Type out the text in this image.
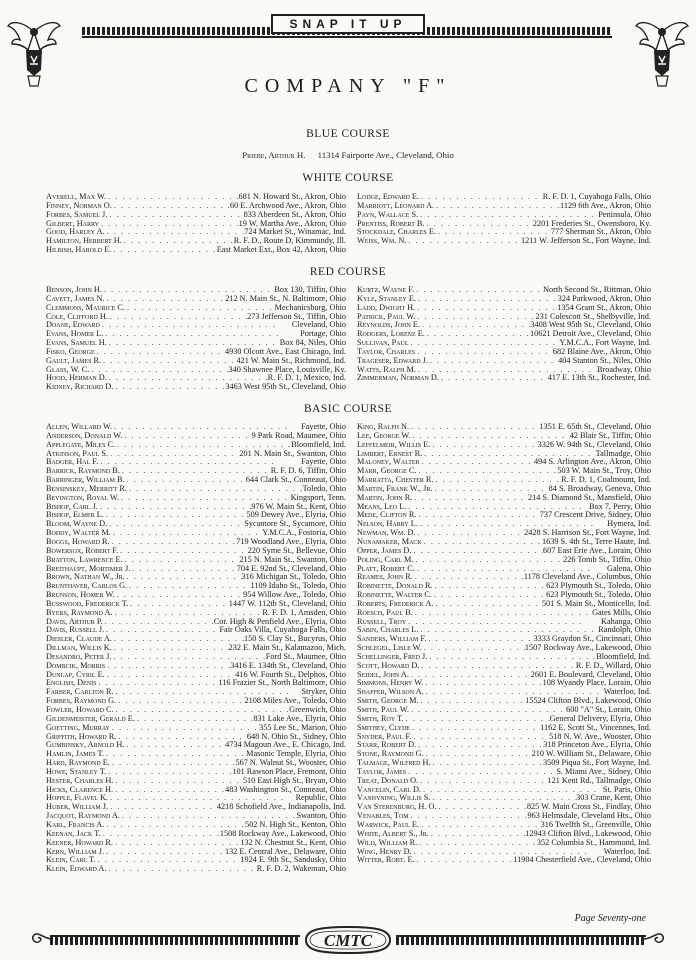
SNAP IT UP
COMPANY "F"
BLUE COURSE
Priebe, Arthur H. 11314 Fairporte Ave., Cleveland, Ohio
WHITE COURSE
Averell, Max W. . .	681 N. Howard St., Akron, Ohio
Finney, Norman O. . .	60 E. Archwood Ave., Akron, Ohio
Forbes, Samuel J. . .	833 Aberdeen St., Akron, Ohio
Gilbert, Harry . .	19 W. Martha Ave., Akron, Ohio
Good, Harley A. . .	724 Market St., Winamac, Ind.
Hamilton, Herbert H. . .	R. F. D., Route D, Kimmundy, Ill.
Hilbish, Harold E. . .	East Market Ext., Box 42, Akron, Ohio
Lodge, Edward E. . .	R. F. D. 1, Cuyahoga Falls, Ohio
Marriott, Leonard A. . .	1129 6th Ave., Akron, Ohio
Payn, Wallace S. . .	Peninsula, Ohio
Prentiss, Robert B. . .	2201 Frederies St., Owensboro, Ky.
Stockdale, Charles E. . .	777 Sherman St., Akron, Ohio
Weiss, Wm. N. . .	1211 W. Jefferson St., Fort Wayne, Ind.
RED COURSE
Benson, John H. . .	Box 130, Tiffin, Ohio
Cavett, James N. . .	212 N. Main St., N. Baltimore, Ohio
Clemmons, Maurice C. . .	Mechanicsburg, Ohio
Cole, Clifford H. . .	273 Jefferson St., Tiffin, Ohio
Doane, Edward . .	Cleveland, Ohio
Evans, Homer L. . .	Portage, Ohio
Evans, Samuel H. . .	Box 84, Niles, Ohio
Fisko, George . .	4930 Olcott Ave., East Chicago, Ind.
Gault, James R. . .	421 W. Main St., Richmond, Ind.
Glass, W. C. . .	340 Shawnee Place, Louisville, Ky.
Hood, Herman D. . .	R. F. D. 1, Mexico, Ind.
Kidney, Richard D. . .	3463 West 95th St., Cleveland, Ohio
Kurtz, Wayne F. . .	North Second St., Rittman, Ohio
Kyle, Stanley E. . .	324 Parkwood, Akron, Ohio
Ladd, Dwight H. . .	1354 Grant St., Akron, Ohio
Patrick, Paul W. . .	231 Colescott St., Shelbyville, Ind.
Reynolds, John E. . .	3408 West 95th St., Cleveland, Ohio
Rodgers, Lorenz E. . .	10621 Detroit Ave., Cleveland, Ohio
Sullivan, Paul . .	Y.M.C.A., Fort Wayne, Ind.
Taylor, Charles . .	682 Blaine Ave., Akron, Ohio
Trageser, Edward J. . .	404 Stanton St., Niles, Ohio
Watts, Ralph M. . .	Broadway, Ohio
Zimmerman, Norman D. . .	417 E. 13th St., Rochester, Ind.
BASIC COURSE
Allen, Willard W. . .	Fayette, Ohio
Anderson, Donald W. . .	9 Park Road, Maumee, Ohio
Applegate, Miles C. . .	Bloomfield, Ind.
Atkinson, Paul S. . .	201 N. Main St., Swanton, Ohio
Badger, Hal F. . .	Fayette, Ohio
Barrick, Raymond B. . .	R. F. D. 6, Tiffin, Ohio
Barringer, William B. . .	644 Clark St., Conneaut, Ohio
Bensinskey, Merritt R. . .	Toledo, Ohio
Bevington, Royal W. . .	Kingsport, Tenn.
Bishop, Carl J. . .	976 W. Main St., Kent, Ohio
Bishop, Elmer L. . .	509 Dewey Ave., Elyria, Ohio
Bloom, Wayne D. . .	Sycamore St., Sycamore, Ohio
Boddy, Walter M. . .	Y.M.C.A., Fostoria, Ohio
Boggs, Howard R. . .	719 Woodland Ave., Elyria, Ohio
Bowersox, Robert F. . .	220 Syme St., Bellevue, Ohio
Bratton, Lawrence E. . .	215 N. Main St., Swanton, Ohio
Breithaupt, Mortimer J. . .	704 E. 92nd St., Cleveland, Ohio
Brown, Nathan W., Jr. . .	316 Michigan St., Toledo, Ohio
Brunthaver, Carlos G. . .	1109 Idaho St., Toledo, Ohio
Brunson, Homer W. . .	954 Willow Ave., Toledo, Ohio
Busswood, Frederick T. . .	1447 W. 112th St., Cleveland, Ohio
Byers, Raymond A. . .	R. F. D. 1, Amsden, Ohio
Davis, Arthur P. . .	Cor. High & Penfield Ave., Elyria, Ohio
Davis, Russell J. . .	Fair Oaks Villa, Cuyahoga Falls, Ohio
Diesler, Claude A. . .	150 S. Clay St., Bucyrus, Ohio
Dillman, Willis K. . .	232 E. Main St., Kalamazoo, Mich.
Desandro, Peter J. . .	Ford St., Maumee, Ohio
Dombcik, Morris . .	3416 E. 134th St., Cleveland, Ohio
Dunlap, Cyril E. . .	416 W. Fourth St., Delphos, Ohio
English, Denis . .	116 Frazier St., North Baltimore, Ohio
Farber, Carlton R. . .	Stryker, Ohio
Forbes, Raymond G. . .	2108 Miles Ave., Toledo, Ohio
Fowler, Howard C. . .	Greenwich, Ohio
Gildenmeister, Gerald E. . .	831 Lake Ave., Elyria, Ohio
Goetting, Murray . .	355 Lee St., Marion, Ohio
Griffith, Howard R. . .	648 N. Ohio St., Sidney, Ohio
Gumbinsky, Arnold H. . .	4734 Magoun Ave., E. Chicago, Ind.
Hamlin, James T. . .	Masonic Temple, Elyria, Ohio
Hard, Raymond E. . .	567 N. Walnut St., Wooster, Ohio
Howe, Stanley T. . .	101 Rawson Place, Fremont, Ohio
Hester, Charles H. . .	510 East High St., Bryan, Ohio
Hicks, Clarence H. . .	483 Washington St., Conneaut, Ohio
Hopple, Flavel K. . .	Republic, Ohio
Huber, William J. . .	4218 Schofield Ave., Indianapolis, Ind.
Jacquot, Raymond A. . .	Swanton, Ohio
Karl, Francis A. . .	502 N. High St., Kenton, Ohio
Keenan, Jack T. . .	1508 Rockway Ave., Lakewood, Ohio
Keener, Howard R. . .	132 N. Chestnut St., Kent, Ohio
Kern, William J. . .	132 E. Central Ave., Delaware, Ohio
Klein, Carl T. . .	1924 E. 9th St., Sandusky, Ohio
Klein, Edward A. . .	R. F. D. 2, Wakeman, Ohio
King, Ralph N. . .	1351 E. 65th St., Cleveland, Ohio
Lee, George W. . .	42 Blair St., Tiffin, Ohio
Leffelmeir, Willis E. . .	3326 W. 94th St., Cleveland, Ohio
Limbert, Ernest R. . .	Tallmadge, Ohio
Maloney, Walter . .	494 S. Arlington Ave., Akron, Ohio
Marr, George C. . .	503 W. Main St., Troy, Ohio
Marratta, Chester R. . .	R. F. D. 1, Coalmount, Ind.
Martin, Frank W., Jr. . .	84 S. Broadway, Geneva, Ohio
Martin, John R. . .	214 S. Diamond St., Mansfield, Ohio
Means, Leo L. . .	Box 7, Perry, Ohio
Mede, Clifton R. . .	737 Crescent Drive, Sidney, Ohio
Nelson, Harry L. . .	Hymera, Ind.
Newman, Wm. D. . .	2428 S. Harrison St., Fort Wayne, Ind.
Nunamaker, Mack . .	1639 S. 4th St., Terre Haute, Ind.
Opper, James D. . .	607 East Erie Ave., Lorain, Ohio
Poling, Carl M. . .	226 Tomb St., Tiffin, Ohio
Platt, Robert C. . .	Galena, Ohio
Reames, John R. . .	1178 Cleveland Ave., Columbus, Ohio
Robinette, Donald R. . .	623 Plymouth St., Toledo, Ohio
Robinette, Walter C. . .	623 Plymouth St., Toledo, Ohio
Roberts, Frederick A. . .	501 S. Main St., Monticello, Ind.
Roesch, Paul B. . .	Gates Mills, Ohio
Russell, Troy . .	Kahanga, Ohio
Sabin, Charles L. . .	Randolph, Ohio
Sanders, William F. . .	3333 Graydon St., Cincinnati, Ohio
Schlegel, Lisle W. . .	1507 Rockway Ave., Lakewood, Ohio
Schellinger, Fred J. . .	Bloomfield, Ind.
Scott, Howard D. . .	R. F. D., Willard, Ohio
Seidel, John A. . .	2601 E. Boulevard, Cleveland, Ohio
Simmons, Henry W. . .	108 Wyandy Place, Lorain, Ohio
Shaffer, Wilson A. . .	Waterloo, Ind.
Smith, George M. . .	15524 Clifton Blvd., Lakewood, Ohio
Smith, Paul W. . .	600 "A" St., Lorain, Ohio
Smith, Roy T. . .	General Delivery, Elyria, Ohio
Smithey, Clyde . .	1162 E. Scott St., Vincennes, Ind.
Snyder, Paul F. . .	518 N. W. Ave., Wooster, Ohio
Starr, Robert D. . .	318 Princeton Ave., Elyria, Ohio
Stone, Raymond G. . .	210 W. William St., Delaware, Ohio
Talmage, Wilfred H. . .	3509 Piqua St., Fort Wayne, Ind.
Taylor, James . .	S. Miami Ave., Sidney, Ohio
Treat, Donald O. . .	121 Kent Rd., Tallmadge, Ohio
Vancelin, Carl D. . .	St. Paris, Ohio
Vanhyning, Willis S. . .	303 Crane, Kent, Ohio
Van Sterenburg, H. O. . .	825 W. Main Cross St., Findlay, Ohio
Venables, Tom . .	963 Helmsdale, Cleveland Hts., Ohio
Warwick, Paul E. . .	316 Twelfth St., Greenville, Ohio
White, Albert S., Jr. . .	12943 Clifton Blvd., Lakewood, Ohio
Wild, William R. . .	352 Columbia St., Hammond, Ind.
Wing, Henry D. . .	Waterloo, Ind.
Witter, Robt. E. . .	11904 Chesterfield Ave., Cleveland, Ohio
Page Seventy-one
CMTC
